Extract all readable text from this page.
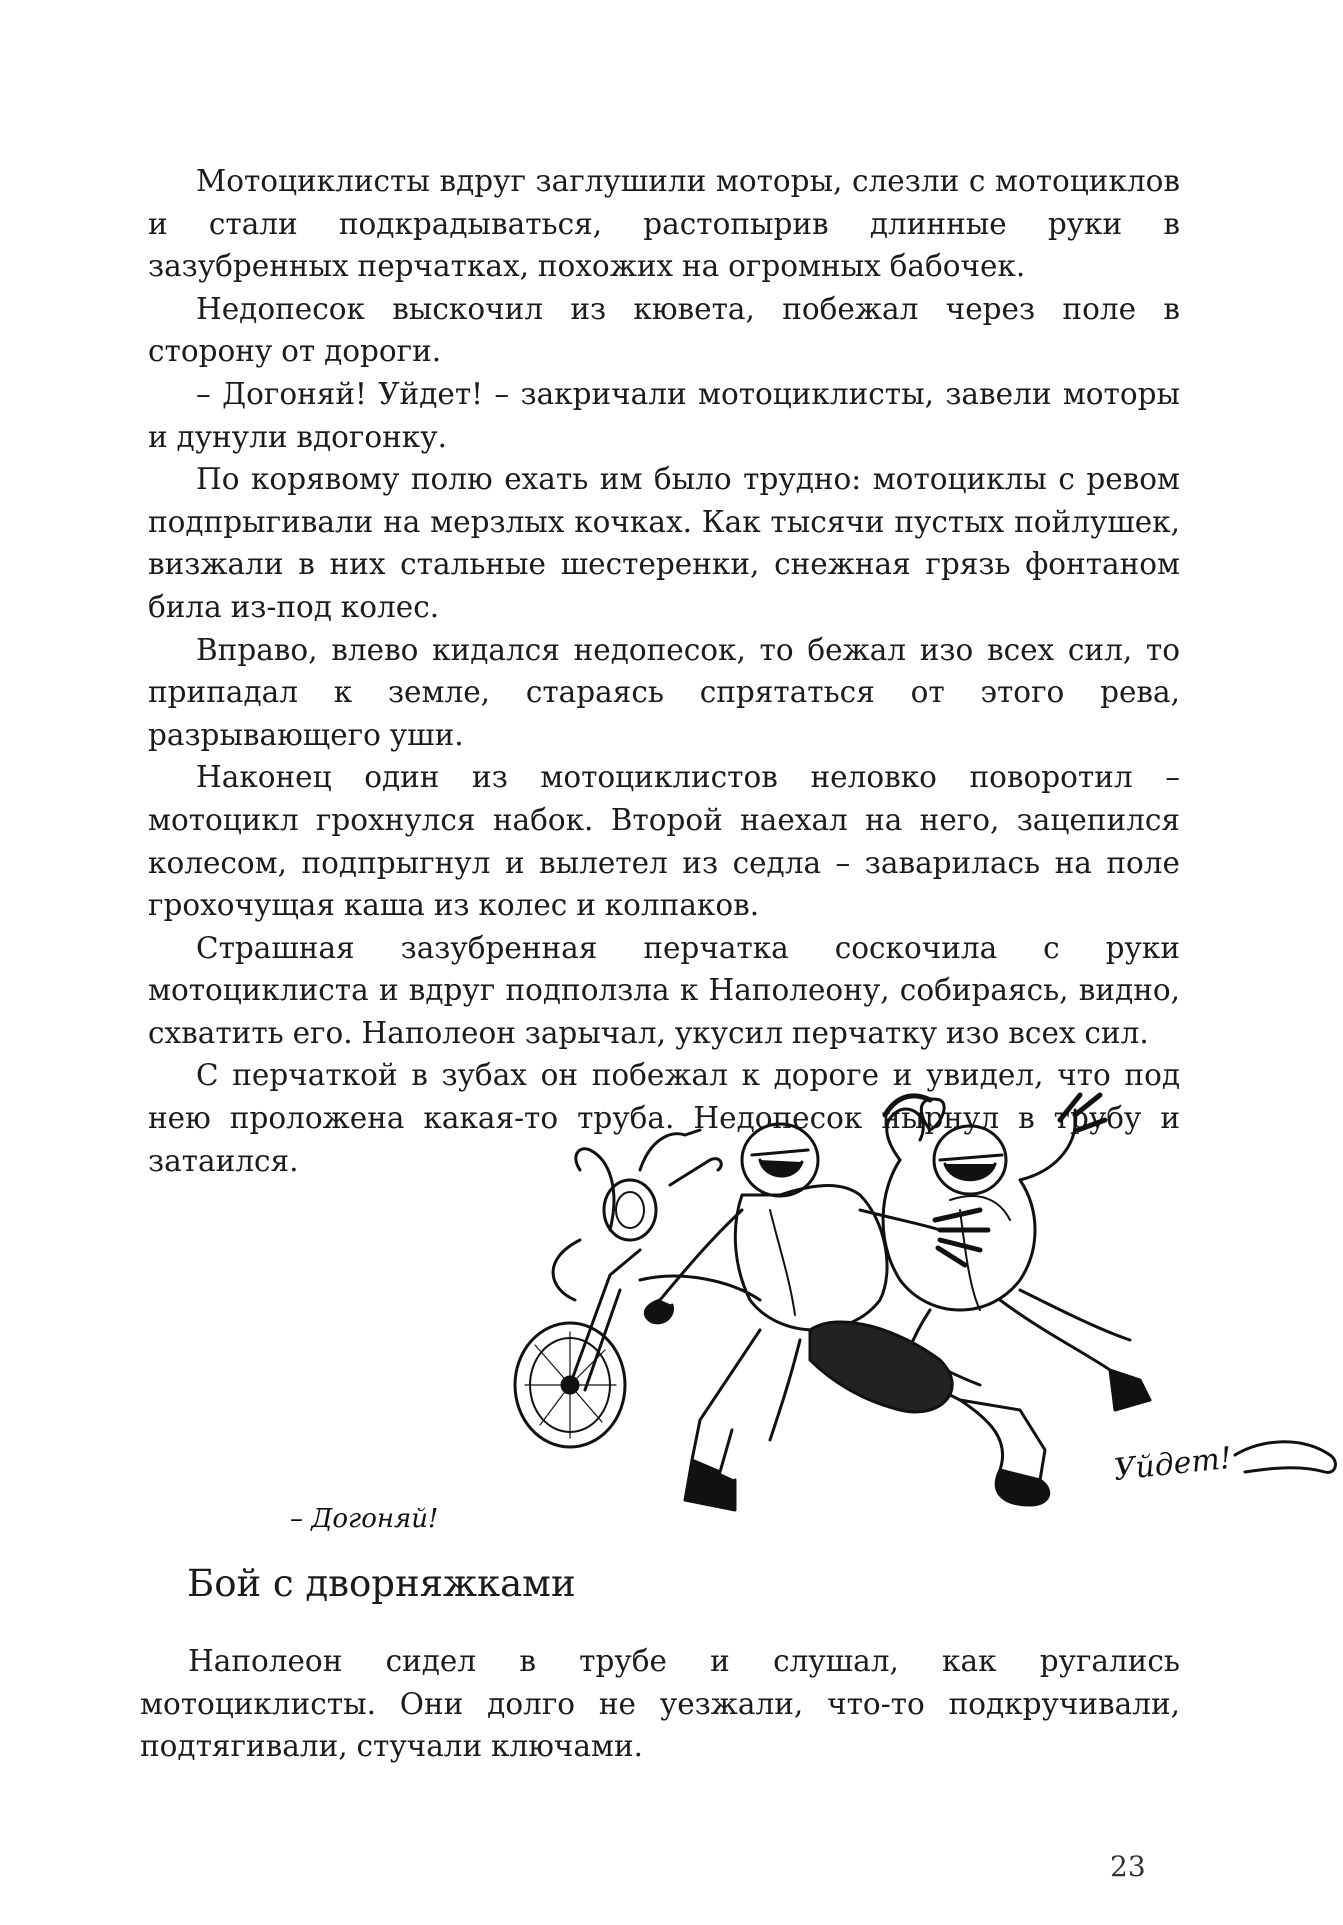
Мотоциклисты вдруг заглушили моторы, слезли с мотоциклов и стали подкрадываться, растопырив длинные руки в зазубренных перчатках, похожих на огромных бабочек.

Недопесок выскочил из кювета, побежал через поле в сторону от дороги.

– Догоняй! Уйдет! – закричали мотоциклисты, завели моторы и дунули вдогонку.

По корявому полю ехать им было трудно: мотоциклы с ревом подпрыгивали на мерзлых кочках. Как тысячи пустых пойлушек, визжали в них стальные шестеренки, снежная грязь фонтаном била из-под колес.

Вправо, влево кидался недопесок, то бежал изо всех сил, то припадал к земле, стараясь спрятаться от этого рева, разрывающего уши.

Наконец один из мотоциклистов неловко поворотил – мотоцикл грохнулся набок. Второй наехал на него, зацепился колесом, подпрыгнул и вылетел из седла – заварилась на поле грохочущая каша из колес и колпаков.

Страшная зазубренная перчатка соскочила с руки мотоциклиста и вдруг подползла к Наполеону, собираясь, видно, схватить его. Наполеон зарычал, укусил перчатку изо всех сил.

С перчаткой в зубах он побежал к дороге и увидел, что под нею проложена какая-то труба. Недопесок нырнул в трубу и затаился.

– Догоняй!
Уйдет!
Бой с дворняжками

Наполеон сидел в трубе и слушал, как ругались мотоциклисты. Они долго не уезжали, что-то подкручивали, подтягивали, стучали ключами.

23
